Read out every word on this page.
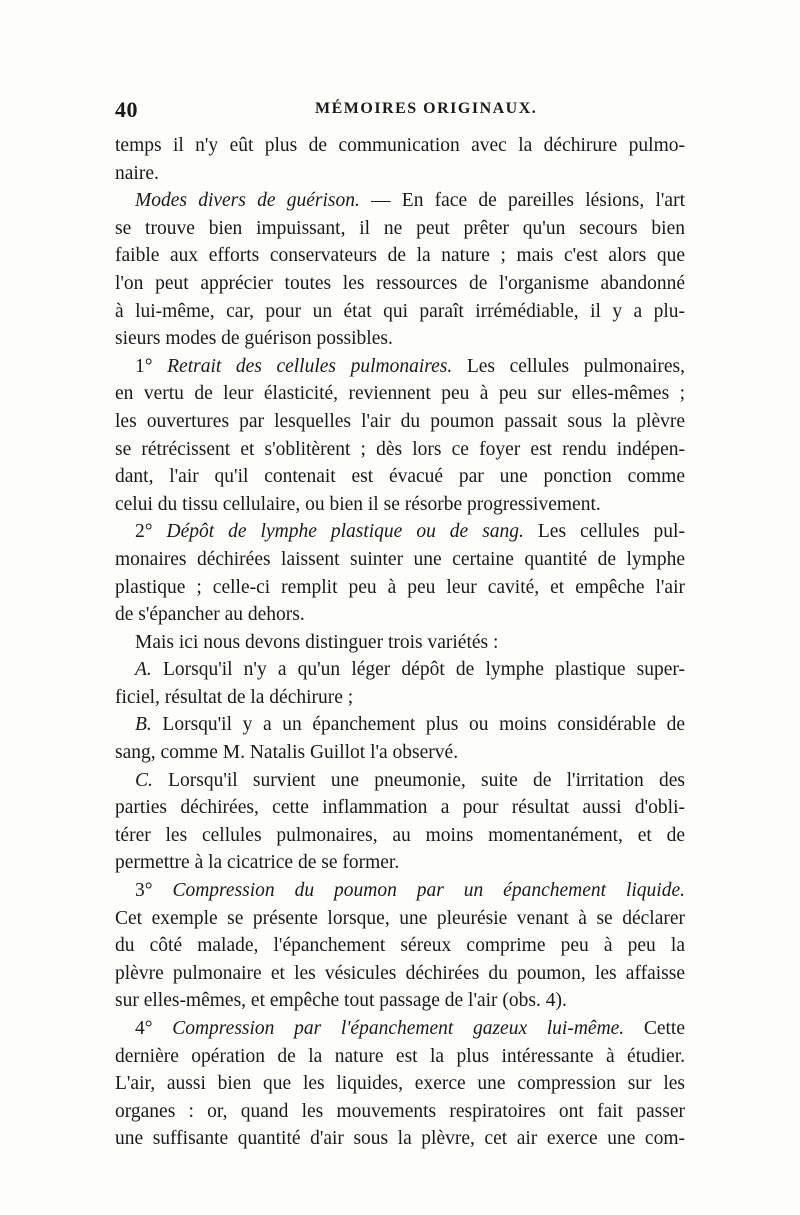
40	MÉMOIRES ORIGINAUX.
temps il n'y eût plus de communication avec la déchirure pulmo-
naire.
Modes divers de guérison. — En face de pareilles lésions, l'art
se trouve bien impuissant, il ne peut prêter qu'un secours bien
faible aux efforts conservateurs de la nature ; mais c'est alors que
l'on peut apprécier toutes les ressources de l'organisme abandonné
à lui-même, car, pour un état qui paraît irrémédiable, il y a plu-
sieurs modes de guérison possibles.
1° Retrait des cellules pulmonaires. Les cellules pulmonaires,
en vertu de leur élasticité, reviennent peu à peu sur elles-mêmes ;
les ouvertures par lesquelles l'air du poumon passait sous la plèvre
se rétrécissent et s'oblitèrent ; dès lors ce foyer est rendu indépen-
dant, l'air qu'il contenait est évacué par une ponction comme
celui du tissu cellulaire, ou bien il se résorbe progressivement.
2° Dépôt de lymphe plastique ou de sang. Les cellules pul-
monaires déchirées laissent suinter une certaine quantité de lymphe
plastique ; celle-ci remplit peu à peu leur cavité, et empêche l'air
de s'épancher au dehors.
Mais ici nous devons distinguer trois variétés :
A. Lorsqu'il n'y a qu'un léger dépôt de lymphe plastique super-
ficiel, résultat de la déchirure ;
B. Lorsqu'il y a un épanchement plus ou moins considérable de
sang, comme M. Natalis Guillot l'a observé.
C. Lorsqu'il survient une pneumonie, suite de l'irritation des
parties déchirées, cette inflammation a pour résultat aussi d'obli-
térer les cellules pulmonaires, au moins momentanément, et de
permettre à la cicatrice de se former.
3° Compression du poumon par un épanchement liquide.
Cet exemple se présente lorsque, une pleurésie venant à se déclarer
du côté malade, l'épanchement séreux comprime peu à peu la
plèvre pulmonaire et les vésicules déchirées du poumon, les affaisse
sur elles-mêmes, et empêche tout passage de l'air (obs. 4).
4° Compression par l'épanchement gazeux lui-même. Cette
dernière opération de la nature est la plus intéressante à étudier.
L'air, aussi bien que les liquides, exerce une compression sur les
organes : or, quand les mouvements respiratoires ont fait passer
une suffisante quantité d'air sous la plèvre, cet air exerce une com-
